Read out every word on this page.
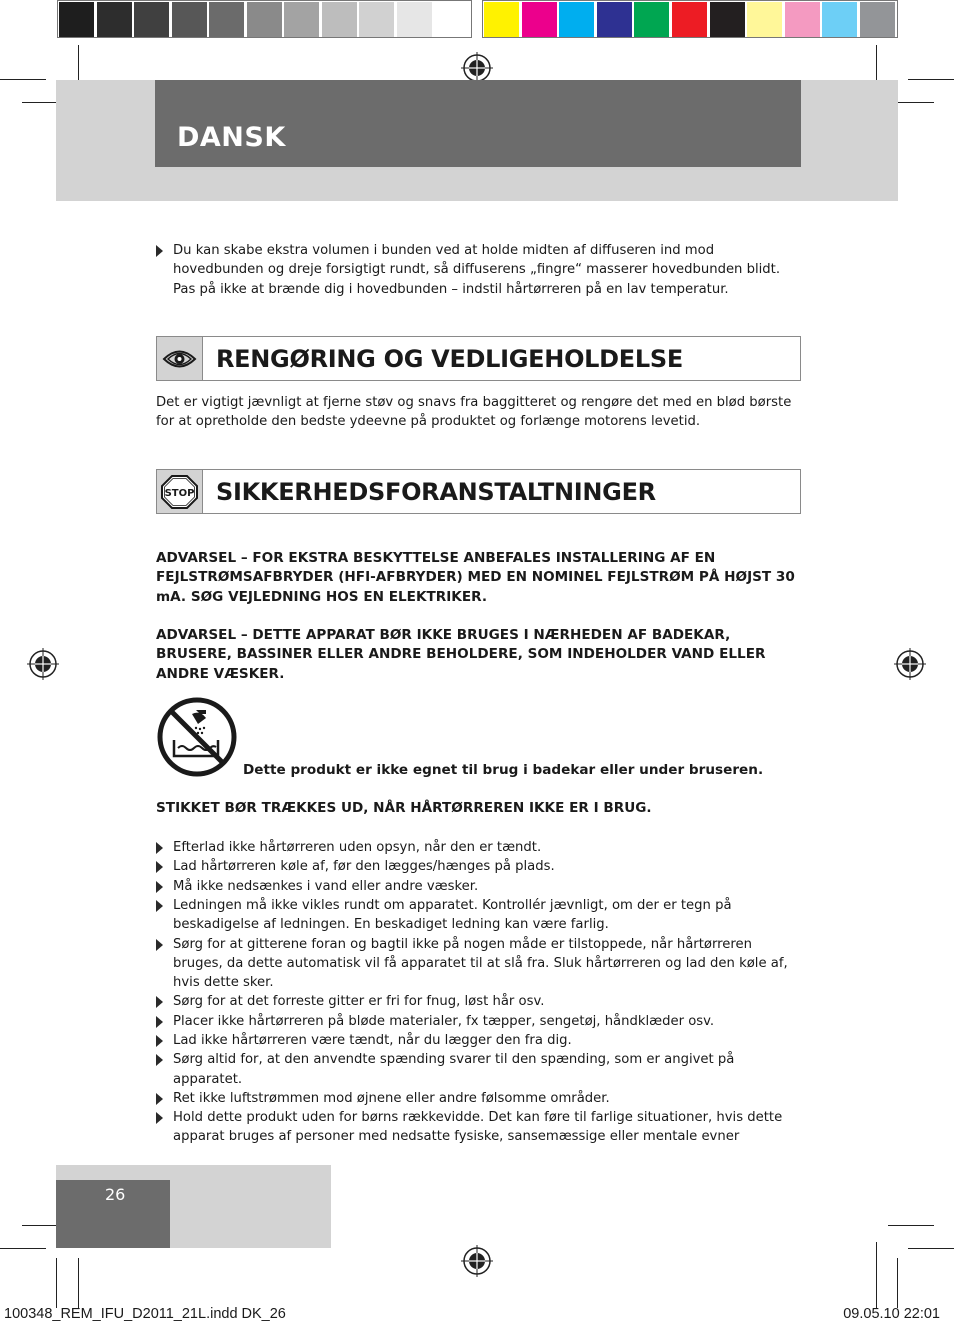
DANSK
Du kan skabe ekstra volumen i bunden ved at holde midten af diffuseren ind mod hovedbunden og dreje forsigtigt rundt, så diffuserens „fingre“ masserer hovedbunden blidt. Pas på ikke at brænde dig i hovedbunden – indstil hårtørreren på en lav temperatur.
RENGØRING OG VEDLIGEHOLDELSE
Det er vigtigt jævnligt at fjerne støv og snavs fra baggitteret og rengøre det med en blød børste for at opretholde den bedste ydeevne på produktet og forlænge motorens levetid.
STOP SIKKERHEDSFORANSTALTNINGER
ADVARSEL – FOR EKSTRA BESKYTTELSE ANBEFALES INSTALLERING AF EN FEJLSTRØMSAFBRYDER (HFI-AFBRYDER) MED EN NOMINEL FEJLSTRØM PÅ HØJST 30 mA. SØG VEJLEDNING HOS EN ELEKTRIKER.
ADVARSEL – DETTE APPARAT BØR IKKE BRUGES I NÆRHEDEN AF BADEKAR, BRUSERE, BASSINER ELLER ANDRE BEHOLDERE, SOM INDEHOLDER VAND ELLER ANDRE VÆSKER.
Dette produkt er ikke egnet til brug i badekar eller under bruseren.
STIKKET BØR TRÆKKES UD, NÅR HÅRTØRREREN IKKE ER I BRUG.
Efterlad ikke hårtørreren uden opsyn, når den er tændt.
Lad hårtørreren køle af, før den lægges/hænges på plads.
Må ikke nedsænkes i vand eller andre væsker.
Ledningen må ikke vikles rundt om apparatet. Kontrollér jævnligt, om der er tegn på beskadigelse af ledningen. En beskadiget ledning kan være farlig.
Sørg for at gitterene foran og bagtil ikke på nogen måde er tilstoppede, når hårtørreren bruges, da dette automatisk vil få apparatet til at slå fra. Sluk hårtørreren og lad den køle af, hvis dette sker.
Sørg for at det forreste gitter er fri for fnug, løst hår osv.
Placer ikke hårtørreren på bløde materialer, fx tæpper, sengetøj, håndklæder osv.
Lad ikke hårtørreren være tændt, når du lægger den fra dig.
Sørg altid for, at den anvendte spænding svarer til den spænding, som er angivet på apparatet.
Ret ikke luftstrømmen mod øjnene eller andre følsomme områder.
Hold dette produkt uden for børns rækkevidde. Det kan føre til farlige situationer, hvis dette apparat bruges af personer med nedsatte fysiske, sansemæssige eller mentale evner
26
100348_REM_IFU_D2011_21L.indd DK_26	09.05.10 22:01
